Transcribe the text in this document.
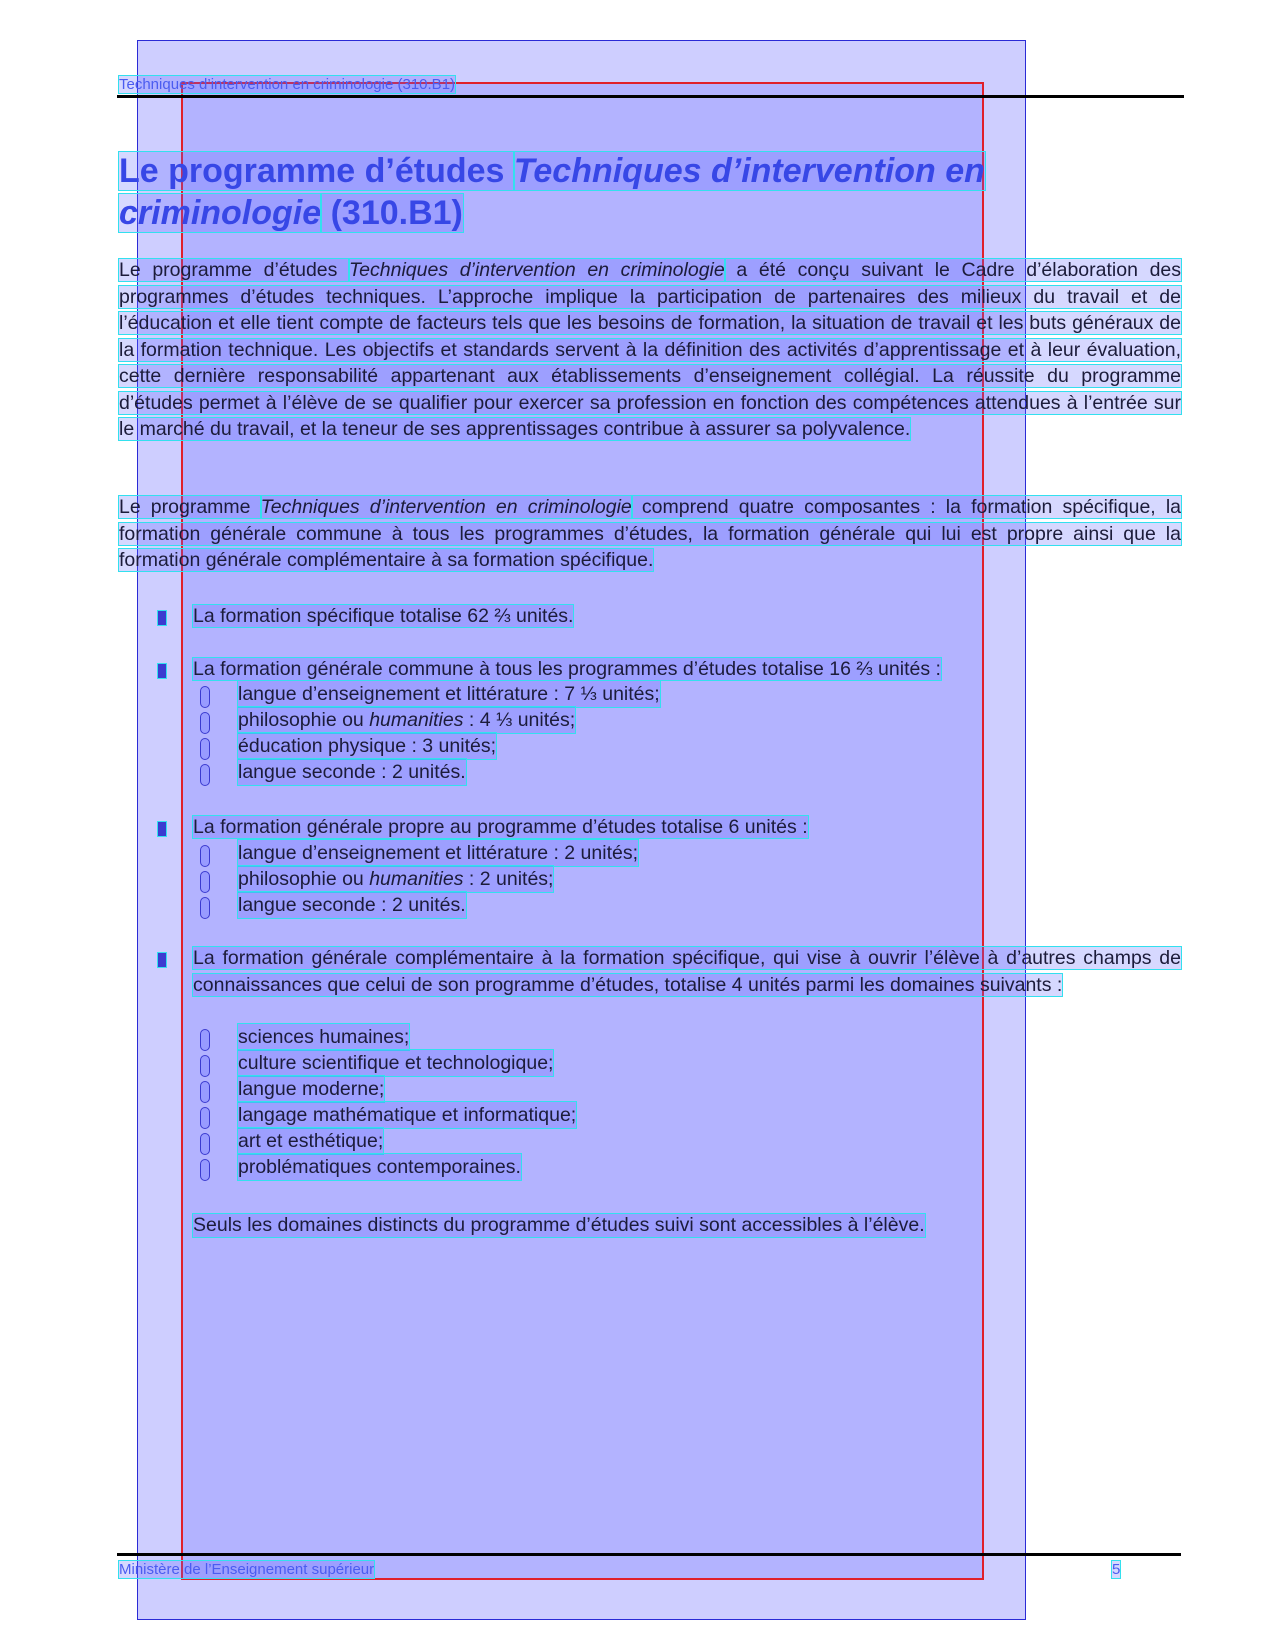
Techniques d’intervention en criminologie (310.B1)
Le programme d’études Techniques d’intervention en criminologie (310.B1)
Le programme d’études Techniques d’intervention en criminologie a été conçu suivant le Cadre d’élaboration des programmes d’études techniques. L’approche implique la participation de partenaires des milieux du travail et de l’éducation et elle tient compte de facteurs tels que les besoins de formation, la situation de travail et les buts généraux de la formation technique. Les objectifs et standards servent à la définition des activités d’apprentissage et à leur évaluation, cette dernière responsabilité appartenant aux établissements d’enseignement collégial. La réussite du programme d’études permet à l’élève de se qualifier pour exercer sa profession en fonction des compétences attendues à l’entrée sur le marché du travail, et la teneur de ses apprentissages contribue à assurer sa polyvalence.
Le programme Techniques d’intervention en criminologie comprend quatre composantes : la formation spécifique, la formation générale commune à tous les programmes d’études, la formation générale qui lui est propre ainsi que la formation générale complémentaire à sa formation spécifique.
La formation spécifique totalise 62 ⅔ unités.
La formation générale commune à tous les programmes d’études totalise 16 ⅔ unités :
langue d’enseignement et littérature : 7 ⅓ unités;
philosophie ou humanities : 4 ⅓ unités;
éducation physique : 3 unités;
langue seconde : 2 unités.
La formation générale propre au programme d’études totalise 6 unités :
langue d’enseignement et littérature : 2 unités;
philosophie ou humanities : 2 unités;
langue seconde : 2 unités.
La formation générale complémentaire à la formation spécifique, qui vise à ouvrir l’élève à d’autres champs de connaissances que celui de son programme d’études, totalise 4 unités parmi les domaines suivants :
sciences humaines;
culture scientifique et technologique;
langue moderne;
langage mathématique et informatique;
art et esthétique;
problématiques contemporaines.
Seuls les domaines distincts du programme d’études suivi sont accessibles à l’élève.
Ministère de l’Enseignement supérieur	5
